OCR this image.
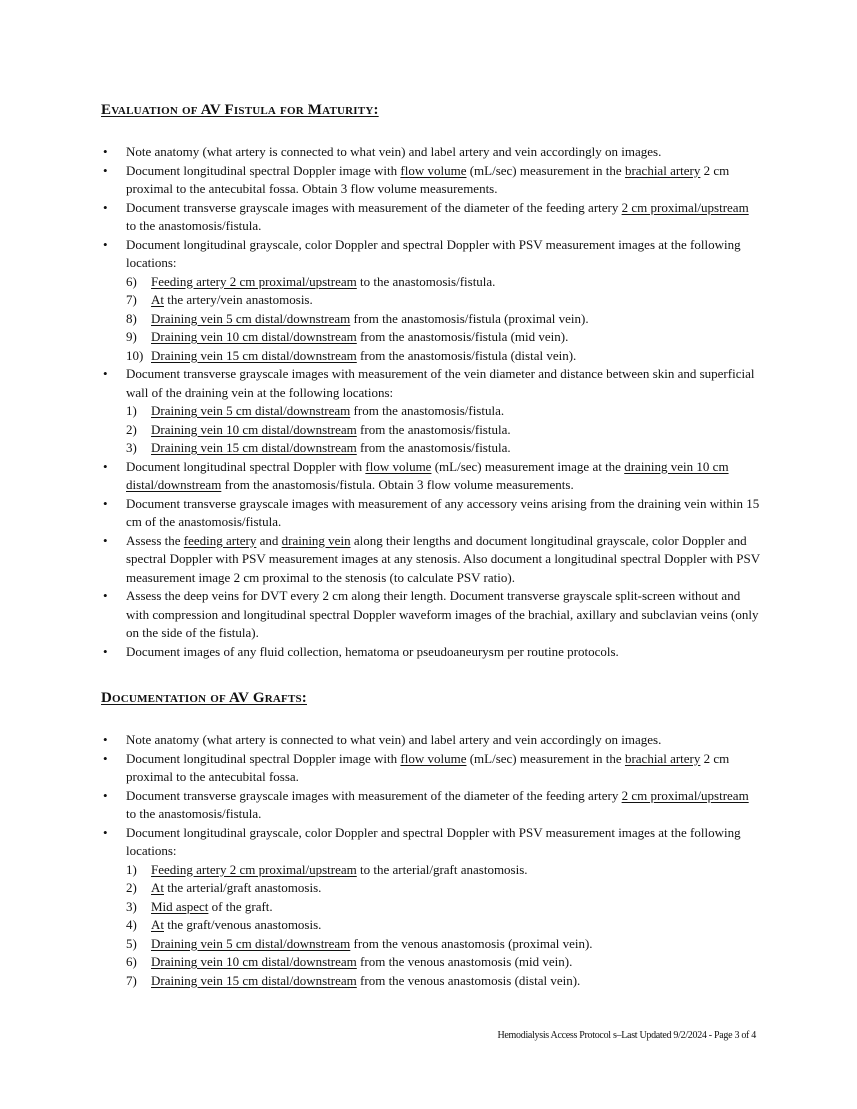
Evaluation of AV Fistula for Maturity:
• Note anatomy (what artery is connected to what vein) and label artery and vein accordingly on images.
• Document longitudinal spectral Doppler image with flow volume (mL/sec) measurement in the brachial artery 2 cm proximal to the antecubital fossa. Obtain 3 flow volume measurements.
• Document transverse grayscale images with measurement of the diameter of the feeding artery 2 cm proximal/upstream to the anastomosis/fistula.
• Document longitudinal grayscale, color Doppler and spectral Doppler with PSV measurement images at the following locations:
6) Feeding artery 2 cm proximal/upstream to the anastomosis/fistula.
7) At the artery/vein anastomosis.
8) Draining vein 5 cm distal/downstream from the anastomosis/fistula (proximal vein).
9) Draining vein 10 cm distal/downstream from the anastomosis/fistula (mid vein).
10) Draining vein 15 cm distal/downstream from the anastomosis/fistula (distal vein).
• Document transverse grayscale images with measurement of the vein diameter and distance between skin and superficial wall of the draining vein at the following locations:
1) Draining vein 5 cm distal/downstream from the anastomosis/fistula.
2) Draining vein 10 cm distal/downstream from the anastomosis/fistula.
3) Draining vein 15 cm distal/downstream from the anastomosis/fistula.
• Document longitudinal spectral Doppler with flow volume (mL/sec) measurement image at the draining vein 10 cm distal/downstream from the anastomosis/fistula. Obtain 3 flow volume measurements.
• Document transverse grayscale images with measurement of any accessory veins arising from the draining vein within 15 cm of the anastomosis/fistula.
• Assess the feeding artery and draining vein along their lengths and document longitudinal grayscale, color Doppler and spectral Doppler with PSV measurement images at any stenosis. Also document a longitudinal spectral Doppler with PSV measurement image 2 cm proximal to the stenosis (to calculate PSV ratio).
• Assess the deep veins for DVT every 2 cm along their length. Document transverse grayscale split-screen without and with compression and longitudinal spectral Doppler waveform images of the brachial, axillary and subclavian veins (only on the side of the fistula).
• Document images of any fluid collection, hematoma or pseudoaneurysm per routine protocols.
Documentation of AV Grafts:
• Note anatomy (what artery is connected to what vein) and label artery and vein accordingly on images.
• Document longitudinal spectral Doppler image with flow volume (mL/sec) measurement in the brachial artery 2 cm proximal to the antecubital fossa.
• Document transverse grayscale images with measurement of the diameter of the feeding artery 2 cm proximal/upstream to the anastomosis/fistula.
• Document longitudinal grayscale, color Doppler and spectral Doppler with PSV measurement images at the following locations:
1) Feeding artery 2 cm proximal/upstream to the arterial/graft anastomosis.
2) At the arterial/graft anastomosis.
3) Mid aspect of the graft.
4) At the graft/venous anastomosis.
5) Draining vein 5 cm distal/downstream from the venous anastomosis (proximal vein).
6) Draining vein 10 cm distal/downstream from the venous anastomosis (mid vein).
7) Draining vein 15 cm distal/downstream from the venous anastomosis (distal vein).
Hemodialysis Access Protocol s–Last Updated 9/2/2024 - Page 3 of 4
